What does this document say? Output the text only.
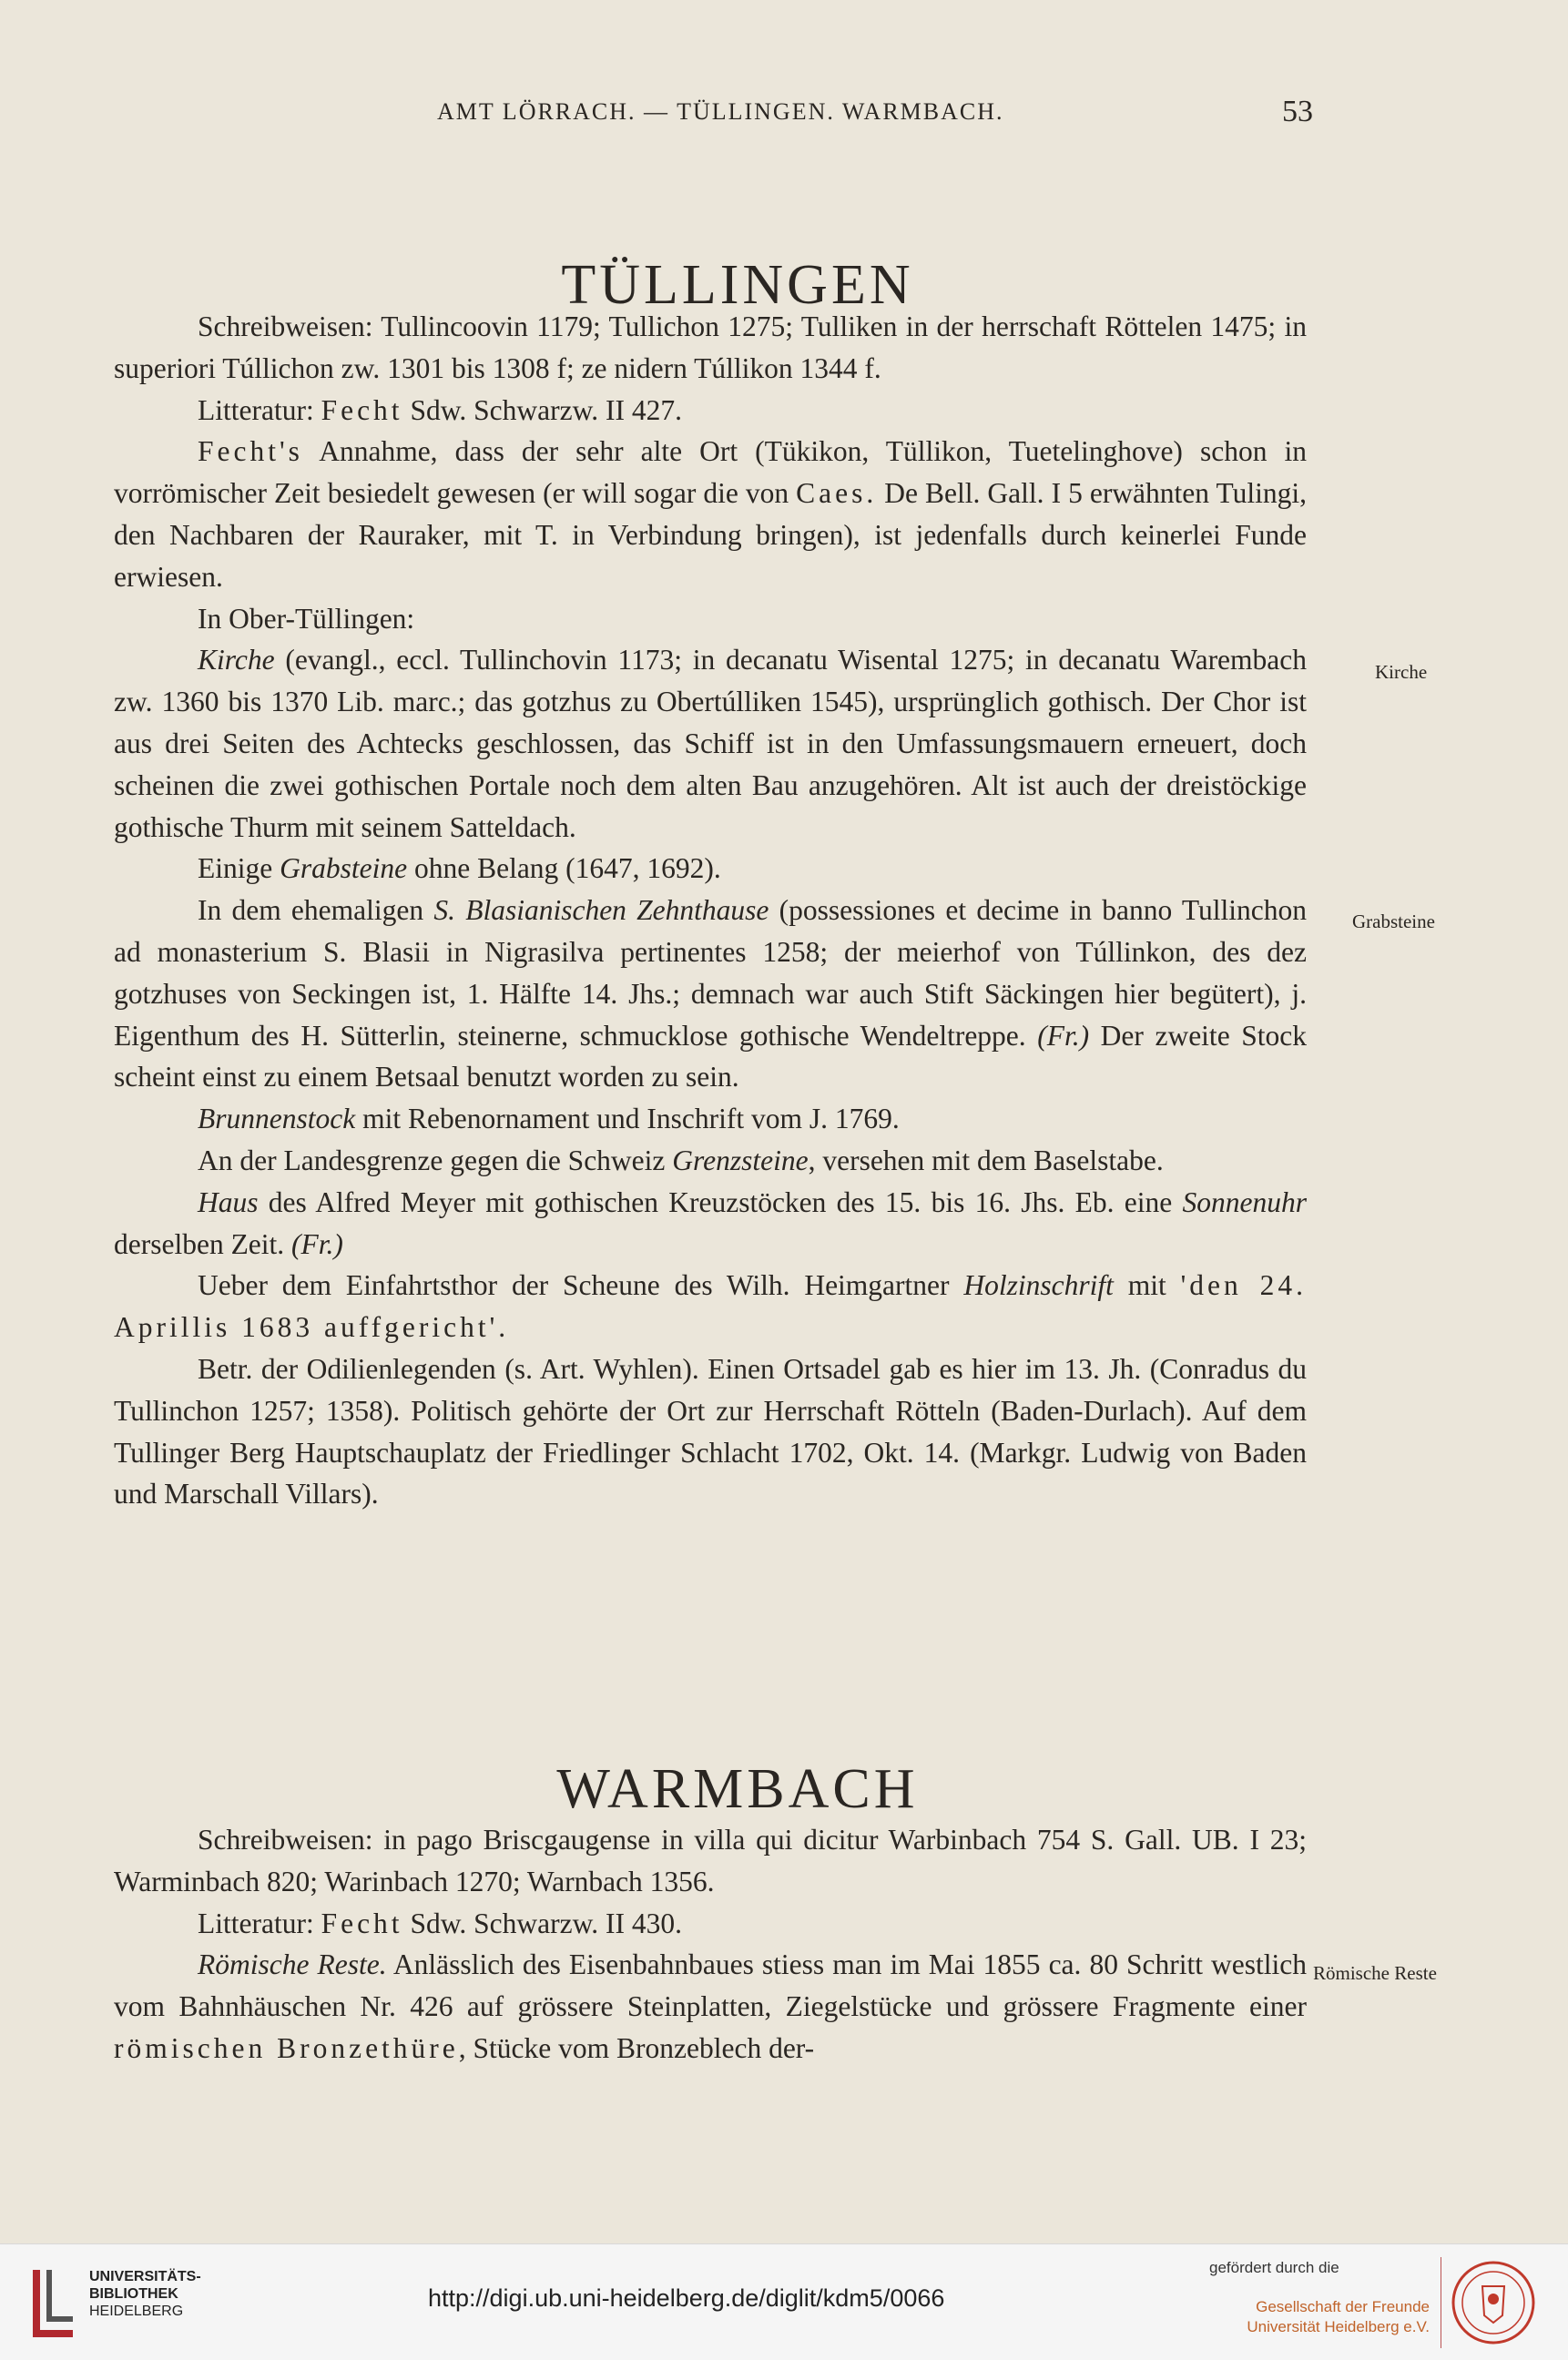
AMT LÖRRACH. — TÜLLINGEN. WARMBACH.	53
TÜLLINGEN

Schreibweisen: Tullincoovin 1179; Tullichon 1275; Tulliken in der herrschaft Röttelen 1475; in superiori Túllichon zw. 1301 bis 1308 f; ze nidern Túllikon 1344 f.

Litteratur: Fecht Sdw. Schwarzw. II 427.

Fecht's Annahme, dass der sehr alte Ort (Tükikon, Tüllikon, Tuetelinghove) schon in vorrömischer Zeit besiedelt gewesen (er will sogar die von Caes. De Bell. Gall. I 5 erwähnten Tulingi, den Nachbaren der Rauraker, mit T. in Verbindung bringen), ist jedenfalls durch keinerlei Funde erwiesen.

In Ober-Tüllingen:

Kirche (evangl., eccl. Tullinchovin 1173; in decanatu Wisental 1275; in decanatu Warembach zw. 1360 bis 1370 Lib. marc.; das gotzhus zu Obertúlliken 1545), ursprünglich gothisch. Der Chor ist aus drei Seiten des Achtecks geschlossen, das Schiff ist in den Umfassungsmauern erneuert, doch scheinen die zwei gothischen Portale noch dem alten Bau anzugehören. Alt ist auch der dreistöckige gothische Thurm mit seinem Satteldach.

Einige Grabsteine ohne Belang (1647, 1692).

In dem ehemaligen S. Blasianischen Zehnthause (possessiones et decime in banno Tullinchon ad monasterium S. Blasii in Nigrasilva pertinentes 1258; der meierhof von Túllinkon, des dez gotzhuses von Seckingen ist, 1. Hälfte 14. Jhs.; demnach war auch Stift Säckingen hier begütert), j. Eigenthum des H. Sütterlin, steinerne, schmucklose gothische Wendeltreppe. (Fr.) Der zweite Stock scheint einst zu einem Betsaal benutzt worden zu sein.

Brunnenstock mit Rebenornament und Inschrift vom J. 1769.

An der Landesgrenze gegen die Schweiz Grenzsteine, versehen mit dem Baselstabe.

Haus des Alfred Meyer mit gothischen Kreuzstöcken des 15. bis 16. Jhs. Eb. eine Sonnenuhr derselben Zeit. (Fr.)

Ueber dem Einfahrtsthor der Scheune des Wilh. Heimgartner Holzinschrift mit 'den 24. Aprillis 1683 auffgericht'.

Betr. der Odilienlegenden (s. Art. Wyhlen). Einen Ortsadel gab es hier im 13. Jh. (Conradus du Tullinchon 1257; 1358). Politisch gehörte der Ort zur Herrschaft Rötteln (Baden-Durlach). Auf dem Tullinger Berg Hauptschauplatz der Friedlinger Schlacht 1702, Okt. 14. (Markgr. Ludwig von Baden und Marschall Villars).

Kirche
Grabsteine
WARMBACH

Schreibweisen: in pago Briscgaugense in villa qui dicitur Warbinbach 754 S. Gall. UB. I 23; Warminbach 820; Warinbach 1270; Warnbach 1356.

Litteratur: Fecht Sdw. Schwarzw. II 430.

Römische Reste. Anlässlich des Eisenbahnbaues stiess man im Mai 1855 ca. 80 Schritt westlich vom Bahnhäuschen Nr. 426 auf grössere Steinplatten, Ziegelstücke und grössere Fragmente einer römischen Bronzethüre, Stücke vom Bronzeblech der-

Römische Reste
UNIVERSITÄTS-
BIBLIOTHEK
HEIDELBERG	http://digi.ub.uni-heidelberg.de/diglit/kdm5/0066
gefördert durch die
Gesellschaft der Freunde
Universität Heidelberg e.V.
